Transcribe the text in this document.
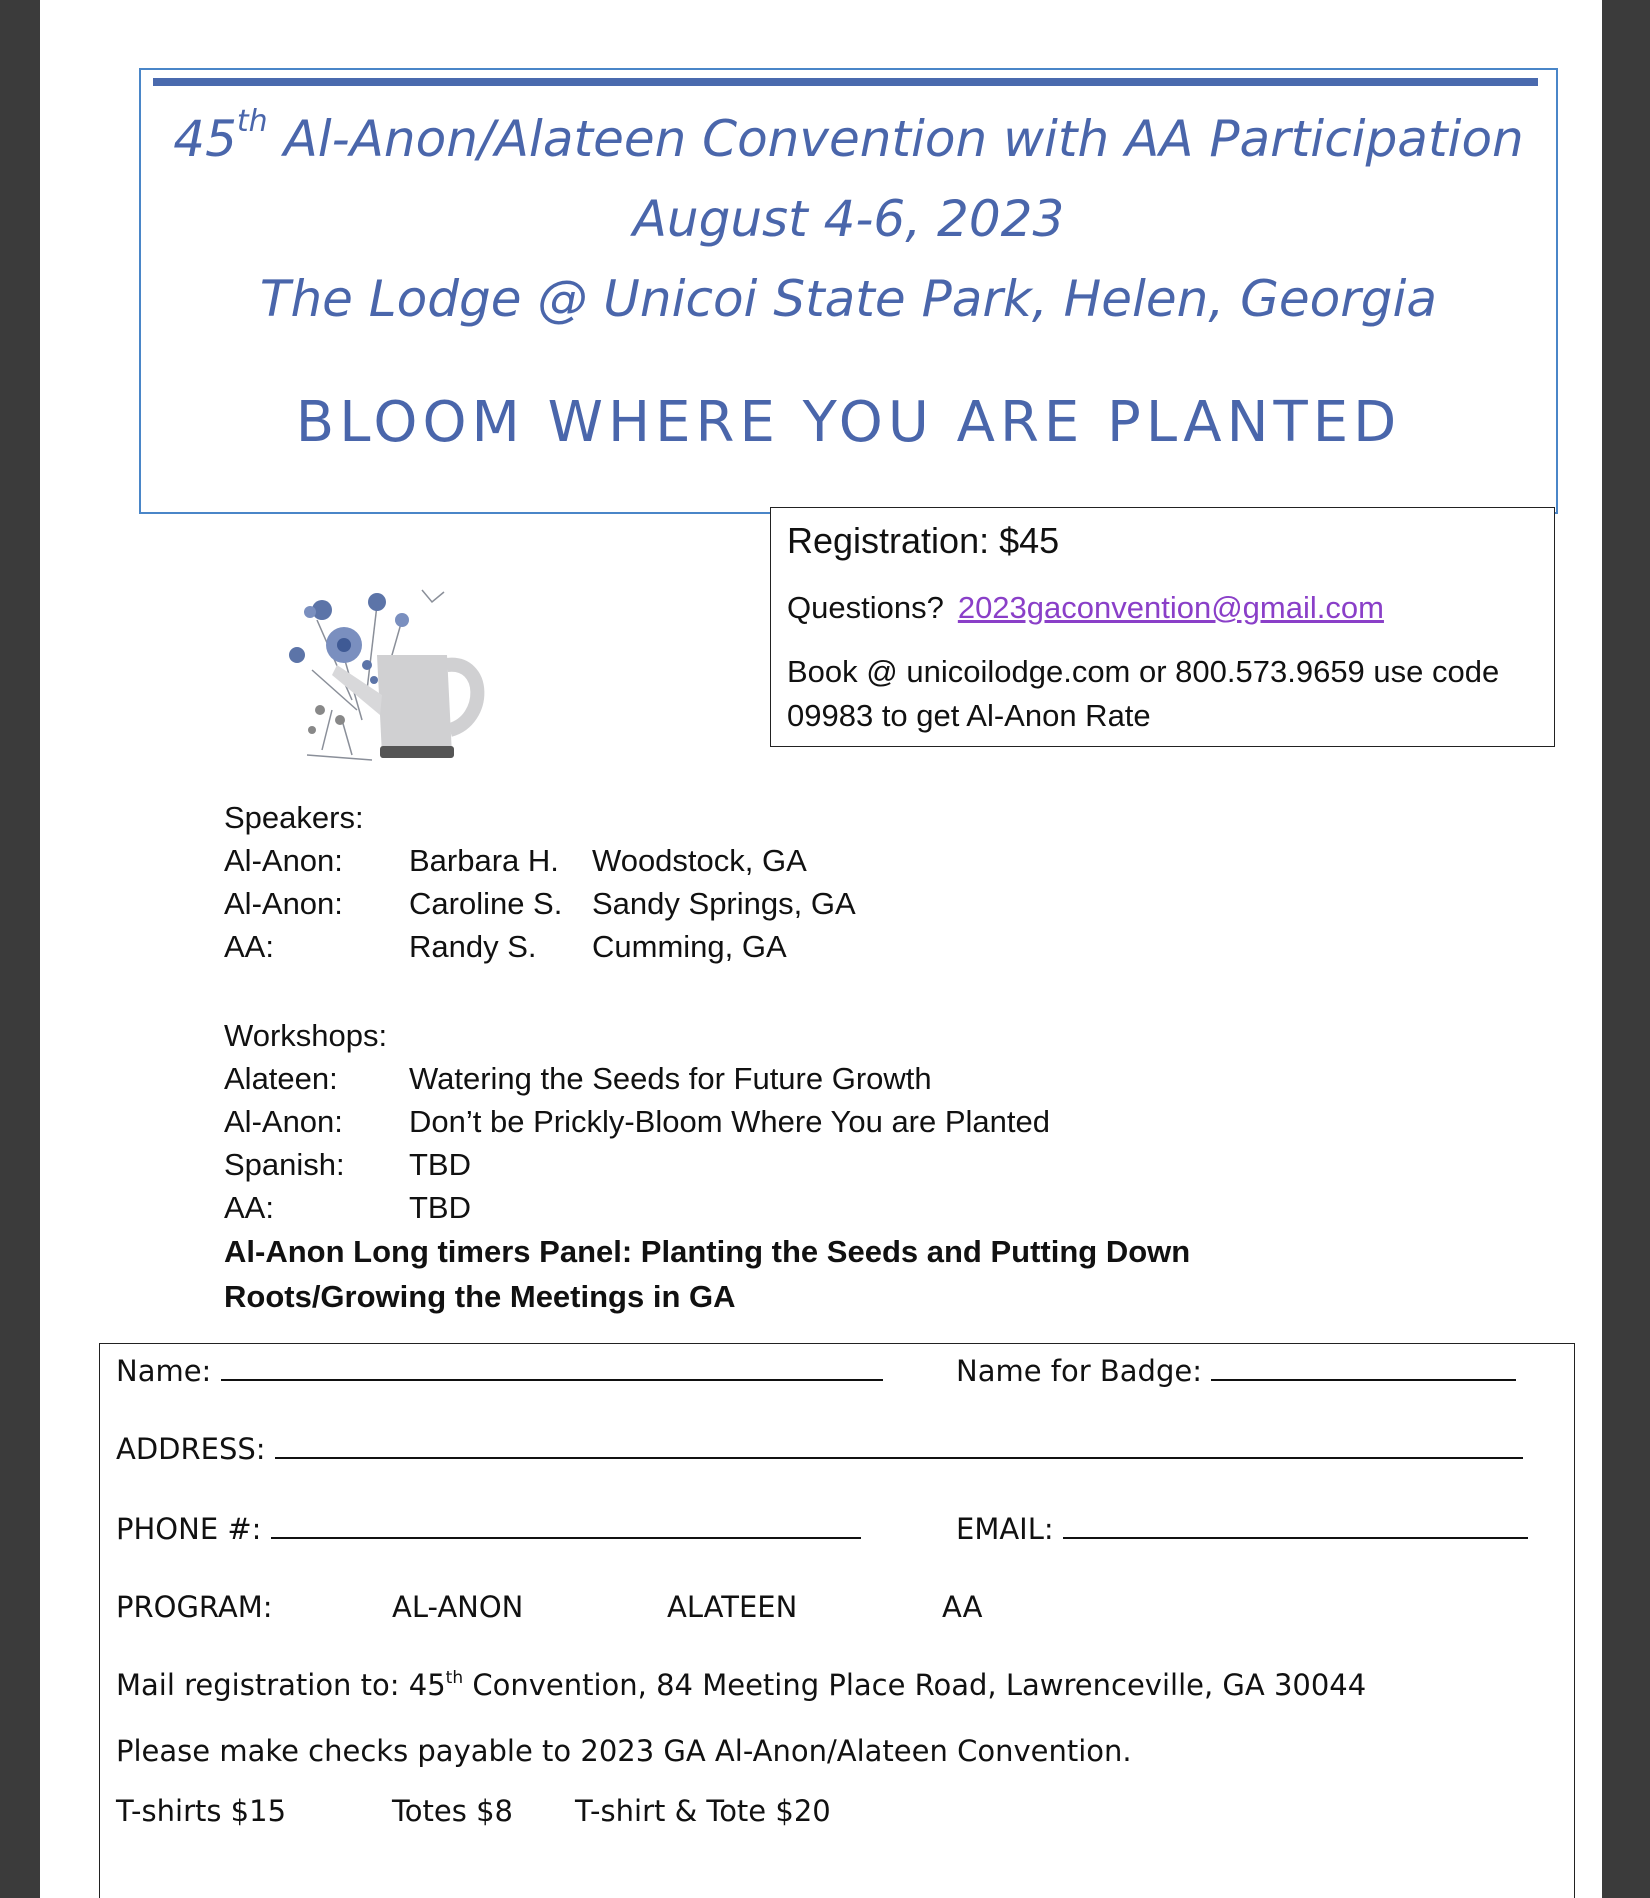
45th Al-Anon/Alateen Convention with AA Participation
August 4-6, 2023
The Lodge @ Unicoi State Park, Helen, Georgia
BLOOM WHERE YOU ARE PLANTED
Registration: $45
Questions? 2023gaconvention@gmail.com
Book @ unicoilodge.com or 800.573.9659 use code
09983 to get Al-Anon Rate
Speakers:
Al-Anon: Barbara H. Woodstock, GA
Al-Anon: Caroline S. Sandy Springs, GA
AA:	Randy S. Cumming, GA
Workshops:
Alateen: Watering the Seeds for Future Growth
Al-Anon: Don’t be Prickly-Bloom Where You are Planted
Spanish: TBD
AA:	TBD
Al-Anon Long timers Panel: Planting the Seeds and Putting Down
Roots/Growing the Meetings in GA
Name:	Name for Badge:
ADDRESS:
PHONE #:	EMAIL:
PROGRAM:	AL-ANON	ALATEEN	AA
Mail registration to: 45th Convention, 84 Meeting Place Road, Lawrenceville, GA 30044
Please make checks payable to 2023 GA Al-Anon/Alateen Convention.
T-shirts $15	Totes $8 T-shirt & Tote $20
